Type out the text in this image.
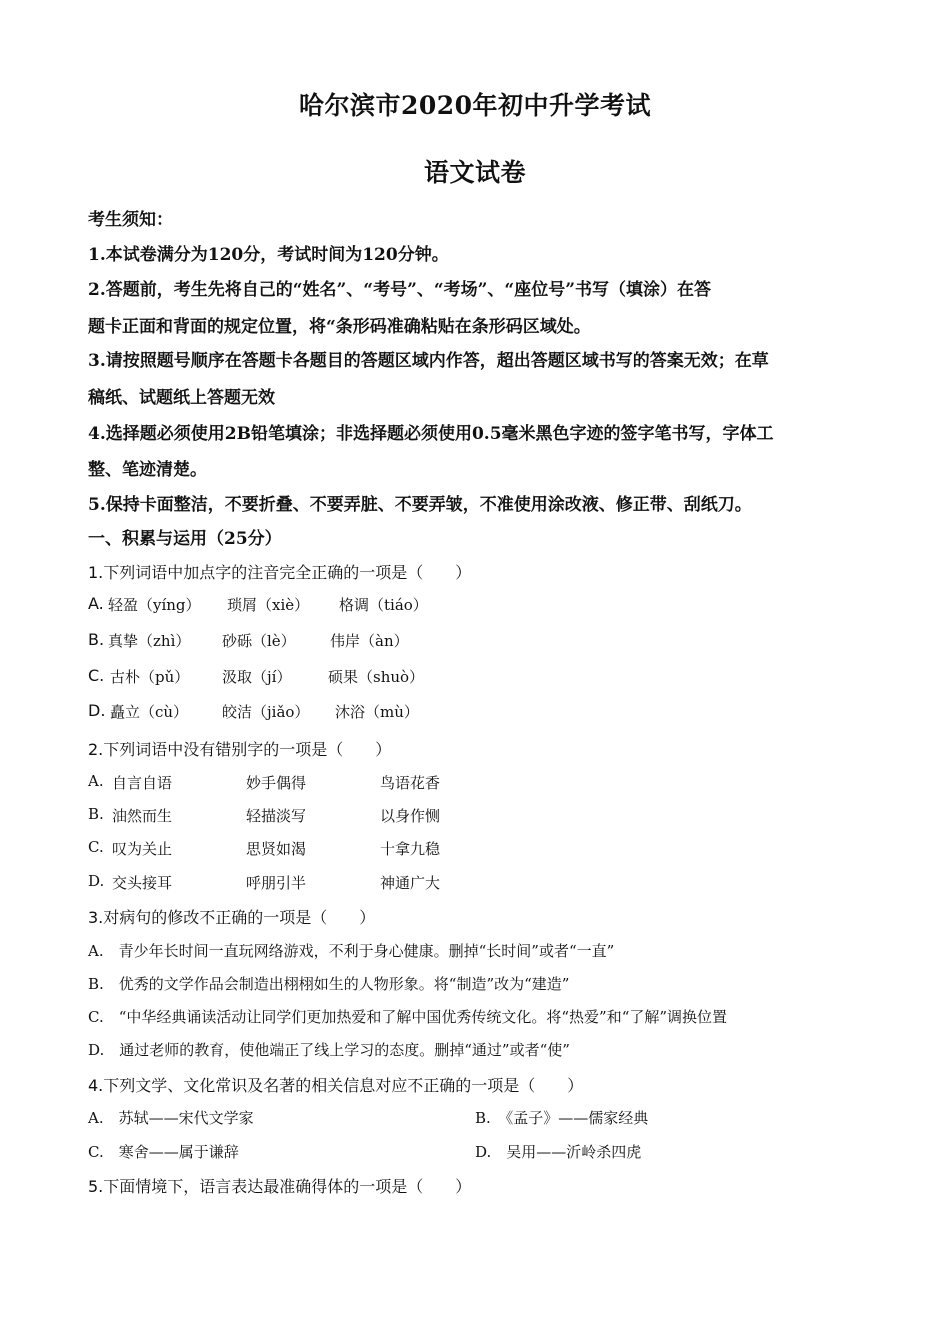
哈尔滨市2020年初中升学考试
语文试卷
考生须知：
1.本试卷满分为120分，考试时间为120分钟。
2.答题前，考生先将自己的“姓名”、“考号”、“考场”、“座位号”书写（填涂）在答
题卡正面和背面的规定位置，将“条形码准确粘贴在条形码区域处。
3.请按照题号顺序在答题卡各题目的答题区域内作答，超出答题区域书写的答案无效；在草
稿纸、试题纸上答题无效
4.选择题必须使用2B铅笔填涂；非选择题必须使用0.5毫米黑色字迹的签字笔书写，字体工
整、笔迹清楚。
5.保持卡面整洁，不要折叠、不要弄脏、不要弄皱，不准使用涂改液、修正带、刮纸刀。
一、积累与运用（25分）
1.下列词语中加点字的注音完全正确的一项是（　　）
A. 轻盈（yíng） 琐屑（xiè） 格调（tiáo）
B. 真挚（zhì） 砂砾（lè） 伟岸（àn）
C. 古朴（pǔ） 汲取（jí） 硕果（shuò）
D. 矗立（cù） 皎洁（jiǎo） 沐浴（mù）
2.下列词语中没有错别字的一项是（　　）
A. 自言自语	妙手偶得	鸟语花香
B. 油然而生	轻描淡写	以身作恻
C. 叹为关止	思贤如渴	十拿九稳
D. 交头接耳	呼朋引半	神通广大
3.对病句的修改不正确的一项是（　　）
A.　青少年长时间一直玩网络游戏，不利于身心健康。删掉“长时间”或者“一直”
B.　优秀的文学作品会制造出栩栩如生的人物形象。将“制造”改为“建造”
C.　“中华经典诵读活动让同学们更加热爱和了解中国优秀传统文化。将“热爱”和“了解”调换位置
D.　通过老师的教育，使他端正了线上学习的态度。删掉“通过”或者“使”
4.下列文学、文化常识及名著的相关信息对应不正确的一项是（　　）
A.　苏轼——宋代文学家	B.　《孟子》——儒家经典
C.　寒舍——属于谦辞	D.　吴用——沂岭杀四虎
5.下面情境下，语言表达最准确得体的一项是（　　）
